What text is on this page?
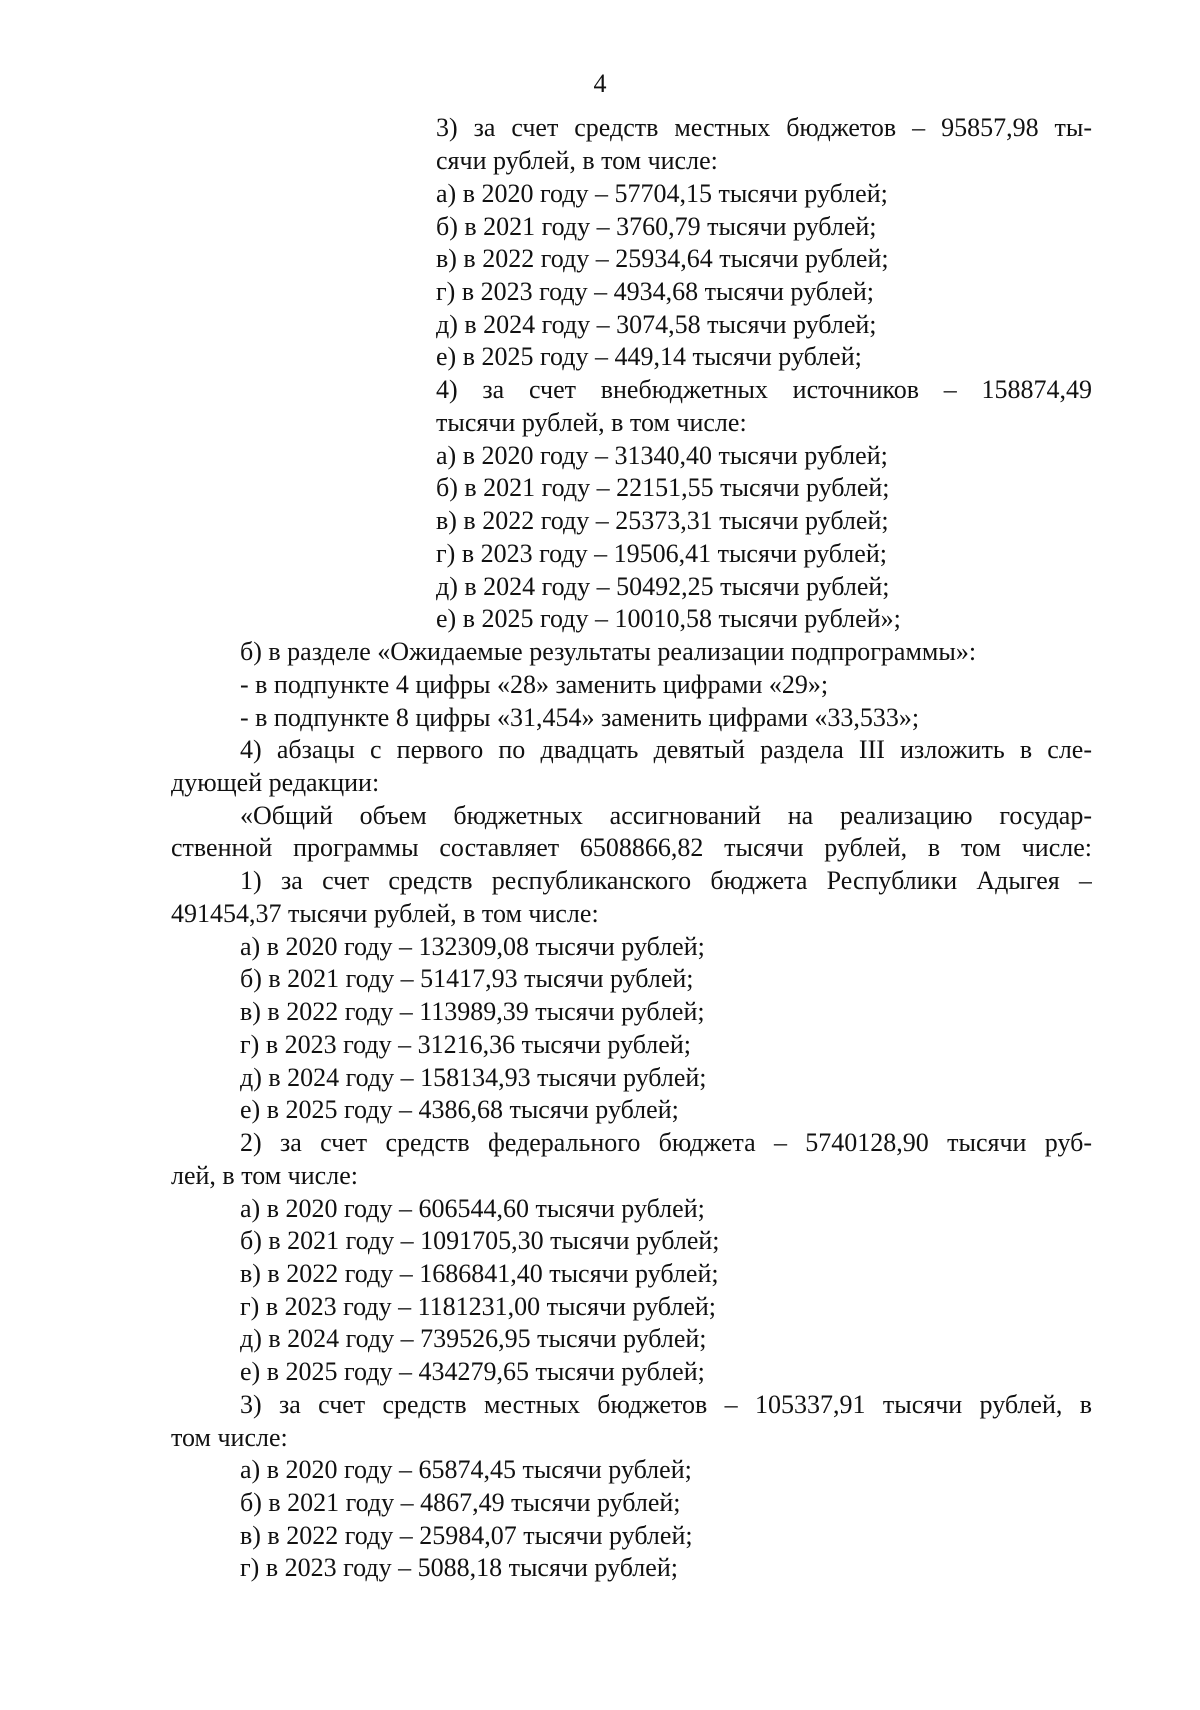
4
3) за счет средств местных бюджетов – 95857,98 ты-
сячи рублей, в том числе:
а) в 2020 году – 57704,15 тысячи рублей;
б) в 2021 году – 3760,79 тысячи рублей;
в) в 2022 году – 25934,64 тысячи рублей;
г) в 2023 году – 4934,68 тысячи рублей;
д) в 2024 году – 3074,58 тысячи рублей;
е) в 2025 году – 449,14 тысячи рублей;
4) за счет внебюджетных источников – 158874,49
тысячи рублей, в том числе:
а) в 2020 году – 31340,40 тысячи рублей;
б) в 2021 году – 22151,55 тысячи рублей;
в) в 2022 году – 25373,31 тысячи рублей;
г) в 2023 году – 19506,41 тысячи рублей;
д) в 2024 году – 50492,25 тысячи рублей;
е) в 2025 году – 10010,58 тысячи рублей»;
б) в разделе «Ожидаемые результаты реализации подпрограммы»:
- в подпункте 4 цифры «28» заменить цифрами «29»;
- в подпункте 8 цифры «31,454» заменить цифрами «33,533»;
4) абзацы с первого по двадцать девятый раздела III изложить в сле-
дующей редакции:
«Общий объем бюджетных ассигнований на реализацию государ-
ственной программы составляет 6508866,82 тысячи рублей, в том числе:
1) за счет средств республиканского бюджета Республики Адыгея –
491454,37 тысячи рублей, в том числе:
а) в 2020 году – 132309,08 тысячи рублей;
б) в 2021 году – 51417,93 тысячи рублей;
в) в 2022 году – 113989,39 тысячи рублей;
г) в 2023 году – 31216,36 тысячи рублей;
д) в 2024 году – 158134,93 тысячи рублей;
е) в 2025 году – 4386,68 тысячи рублей;
2) за счет средств федерального бюджета – 5740128,90 тысячи руб-
лей, в том числе:
а) в 2020 году – 606544,60 тысячи рублей;
б) в 2021 году – 1091705,30 тысячи рублей;
в) в 2022 году – 1686841,40 тысячи рублей;
г) в 2023 году – 1181231,00 тысячи рублей;
д) в 2024 году – 739526,95 тысячи рублей;
е) в 2025 году – 434279,65 тысячи рублей;
3) за счет средств местных бюджетов – 105337,91 тысячи рублей, в
том числе:
а) в 2020 году – 65874,45 тысячи рублей;
б) в 2021 году – 4867,49 тысячи рублей;
в) в 2022 году – 25984,07 тысячи рублей;
г) в 2023 году – 5088,18 тысячи рублей;
